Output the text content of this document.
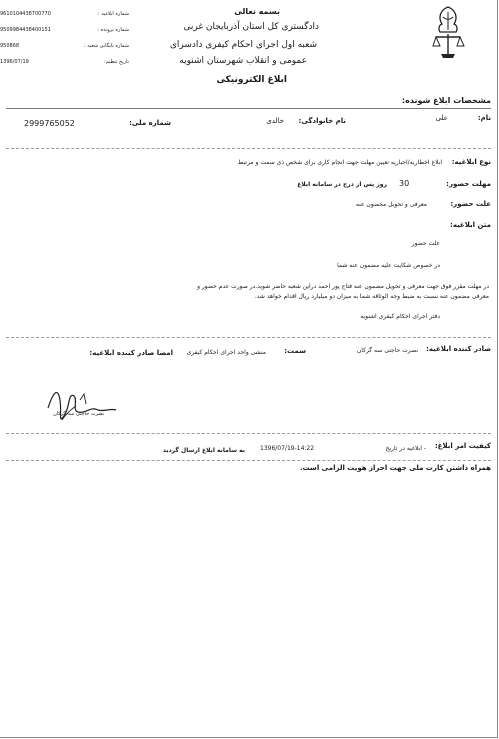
بسمه تعالی
دادگستری کل استان آذربایجان غربی
شعبه اول اجرای احکام کیفری دادسرای
عمومی و انقلاب شهرستان اشنویه
ابلاغ الکترونیکی
9610104438700770	شماره ابلاغیه :
9509984438400151	شماره پرونده :
950868	شماره بایگانی شعبه :
1396/07/19	تاریخ تنظیم:
مشخصات ابلاغ شونده:
نام:
علی
نام خانوادگی:
خالدی
شماره ملی:
2999765052
نوع ابلاغیه:
ابلاغ اخطاریه/اجباریه تعیین مهلت جهت انجام کاری برای شخص ذی سمت و مرتبط
مهلت حضور:
30
روز پس از درج در سامانه ابلاغ
علت حضور:
معرفی و تحویل محضون عنه
متن ابلاغیه:
علت حضور
در خصوص شکایت علیه مضمون عنه شما
در مهلت مقرر فوق جهت معرفی و تحویل مضمون عنه فتاح پور احمد دراین شعبه حاضر شوید.در صورت عدم حضور و
معرفی مضمون عنه نسبت به ضبط وجه الوثاقه شما به میزان دو میلیارد ریال اقدام خواهد شد.
دفتر اجرای احکام کیفری اشنویه
صادر کننده ابلاغیه:
نصرت حاجتی سه گرکان
سمت:
منشی واحد اجرای احکام کیفری
امضا صادر کننده ابلاغیه:
نصرت حاجتی سه گرکان
کیفیت امر ابلاغ:
- ابلاغیه در تاریخ
1396/07/19-14:22
به سامانه ابلاغ ارسال گردید
همراه داشتن کارت ملی جهت احراز هویت الزامی است.
